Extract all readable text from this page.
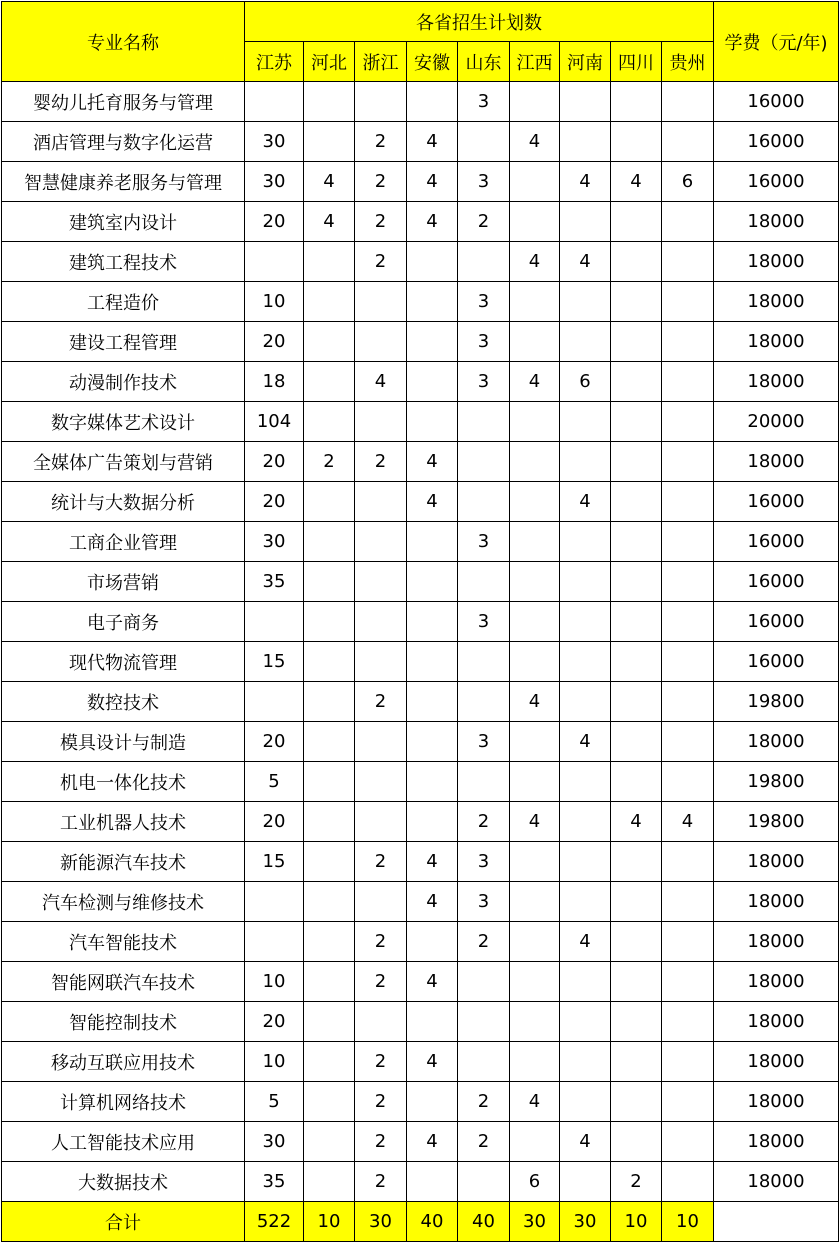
专业名称	各省招生计划数									学费（元/年)
	江苏	河北	浙江	安徽	山东	江西	河南	四川	贵州	
婴幼儿托育服务与管理					3					16000
酒店管理与数字化运营	30		2	4		4				16000
智慧健康养老服务与管理	30	4	2	4	3		4	4	6	16000
建筑室内设计	20	4	2	4	2					18000
建筑工程技术			2			4	4			18000
工程造价	10				3					18000
建设工程管理	20				3					18000
动漫制作技术	18		4		3	4	6			18000
数字媒体艺术设计	104									20000
全媒体广告策划与营销	20	2	2	4						18000
统计与大数据分析	20			4			4			16000
工商企业管理	30				3					16000
市场营销	35									16000
电子商务					3					16000
现代物流管理	15									16000
数控技术			2			4				19800
模具设计与制造	20				3		4			18000
机电一体化技术	5									19800
工业机器人技术	20				2	4		4	4	19800
新能源汽车技术	15		2	4	3					18000
汽车检测与维修技术				4	3					18000
汽车智能技术			2		2		4			18000
智能网联汽车技术	10		2	4						18000
智能控制技术	20									18000
移动互联应用技术	10		2	4						18000
计算机网络技术	5		2		2	4				18000
人工智能技术应用	30		2	4	2		4			18000
大数据技术	35		2			6		2		18000
合计	522	10	30	40	40	30	30	10	10	
